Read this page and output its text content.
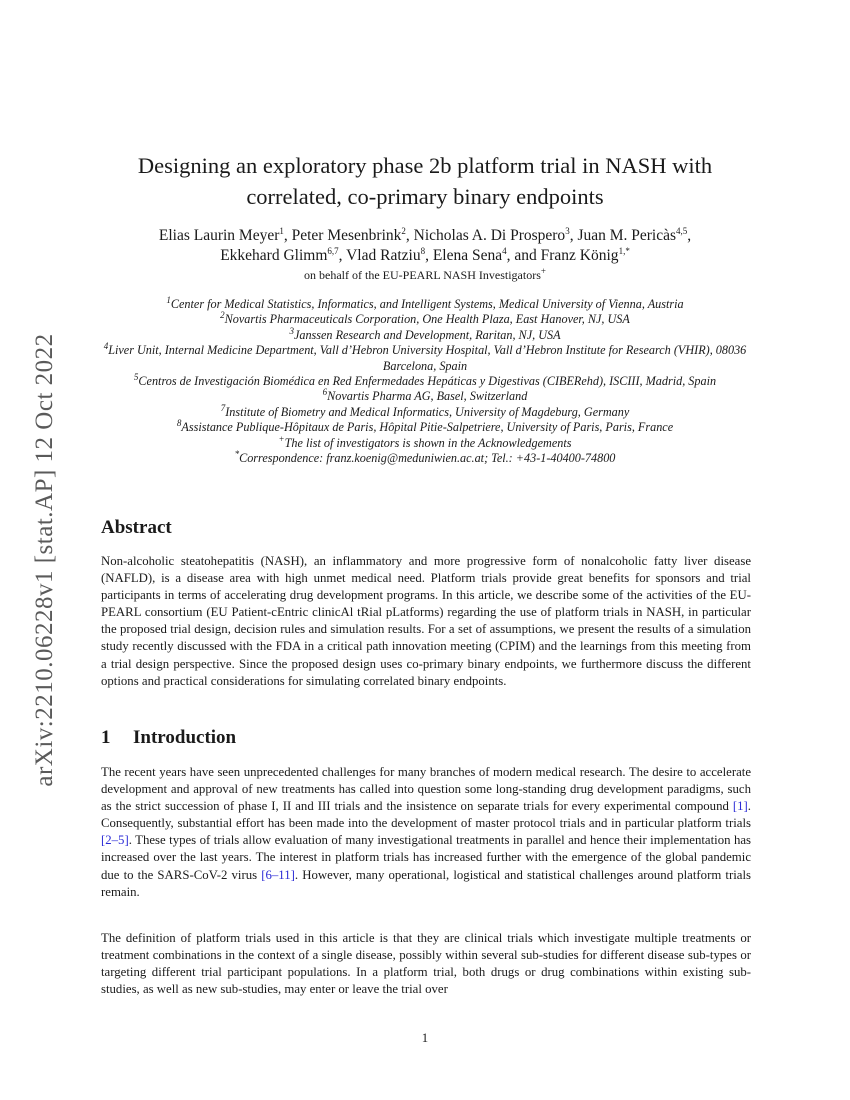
arXiv:2210.06228v1 [stat.AP] 12 Oct 2022
Designing an exploratory phase 2b platform trial in NASH with
correlated, co-primary binary endpoints
Elias Laurin Meyer$^1$, Peter Mesenbrink$^2$, Nicholas A. Di Prospero$^3$, Juan M. Pericàs$^{4,5}$,
Ekkehard Glimm$^{6,7}$, Vlad Ratziu$^8$, Elena Sena$^4$, and Franz König$^{1,*}$
on behalf of the EU-PEARL NASH Investigators+
$^1$Center for Medical Statistics, Informatics, and Intelligent Systems, Medical University of Vienna, Austria
$^2$Novartis Pharmaceuticals Corporation, One Health Plaza, East Hanover, NJ, USA
$^3$Janssen Research and Development, Raritan, NJ, USA
$^4$Liver Unit, Internal Medicine Department, Vall d’Hebron University Hospital, Vall d’Hebron Institute for Research (VHIR), 08036 Barcelona, Spain
$^5$Centros de Investigación Biomédica en Red Enfermedades Hepáticas y Digestivas (CIBERehd), ISCIII, Madrid, Spain
$^6$Novartis Pharma AG, Basel, Switzerland
$^7$Institute of Biometry and Medical Informatics, University of Magdeburg, Germany
$^8$Assistance Publique-Hôpitaux de Paris, Hôpital Pitie-Salpetriere, University of Paris, Paris, France
+The list of investigators is shown in the Acknowledgements
*Correspondence: franz.koenig@meduniwien.ac.at; Tel.: +43-1-40400-74800
Abstract

Non-alcoholic steatohepatitis (NASH), an inflammatory and more progressive form of nonalcoholic fatty liver disease (NAFLD), is a disease area with high unmet medical need. Platform trials provide great benefits for sponsors and trial participants in terms of accelerating drug development programs. In this article, we describe some of the activities of the EU-PEARL consortium (EU Patient-cEntric clinicAl tRial pLatforms) regarding the use of platform trials in NASH, in particular the proposed trial design, decision rules and simulation results. For a set of assumptions, we present the results of a simulation study recently discussed with the FDA in a critical path innovation meeting (CPIM) and the learnings from this meeting from a trial design perspective. Since the proposed design uses co-primary binary endpoints, we furthermore discuss the different options and practical considerations for simulating correlated binary endpoints.

1 Introduction

The recent years have seen unprecedented challenges for many branches of modern medical research. The desire to accelerate development and approval of new treatments has called into question some long-standing drug development paradigms, such as the strict succession of phase I, II and III trials and the insistence on separate trials for every experimental compound [1]. Consequently, substantial effort has been made into the development of master protocol trials and in particular platform trials [2–5]. These types of trials allow evaluation of many investigational treatments in parallel and hence their implementation has increased over the last years. The interest in platform trials has increased further with the emergence of the global pandemic due to the SARS-CoV-2 virus [6–11]. However, many operational, logistical and statistical challenges around platform trials remain.

The definition of platform trials used in this article is that they are clinical trials which investigate multiple treatments or treatment combinations in the context of a single disease, possibly within several sub-studies for different disease sub-types or targeting different trial participant populations. In a platform trial, both drugs or drug combinations within existing sub-studies, as well as new sub-studies, may enter or leave the trial over

1
